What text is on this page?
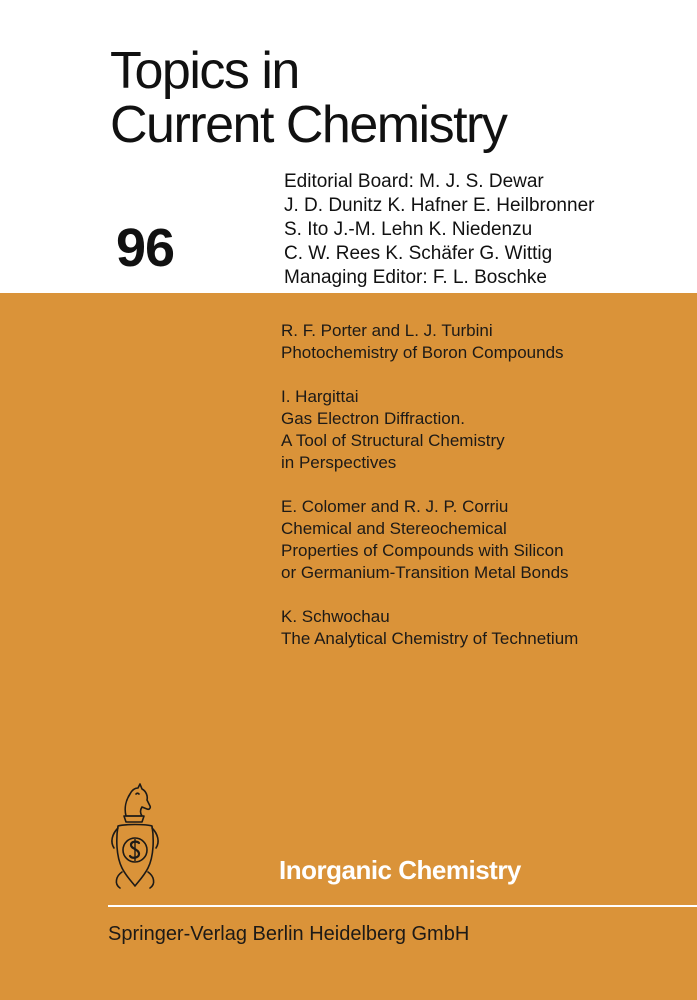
Topics in
Current Chemistry
96
Editorial Board: M. J. S. Dewar
J. D. Dunitz K. Hafner E. Heilbronner
S. Ito J.-M. Lehn K. Niedenzu
C. W. Rees K. Schäfer G. Wittig
Managing Editor: F. L. Boschke
R. F. Porter and L. J. Turbini
Photochemistry of Boron Compounds
I. Hargittai
Gas Electron Diffraction.
A Tool of Structural Chemistry
in Perspectives
E. Colomer and R. J. P. Corriu
Chemical and Stereochemical
Properties of Compounds with Silicon
or Germanium-Transition Metal Bonds
K. Schwochau
The Analytical Chemistry of Technetium
Inorganic Chemistry
Springer-Verlag Berlin Heidelberg GmbH
